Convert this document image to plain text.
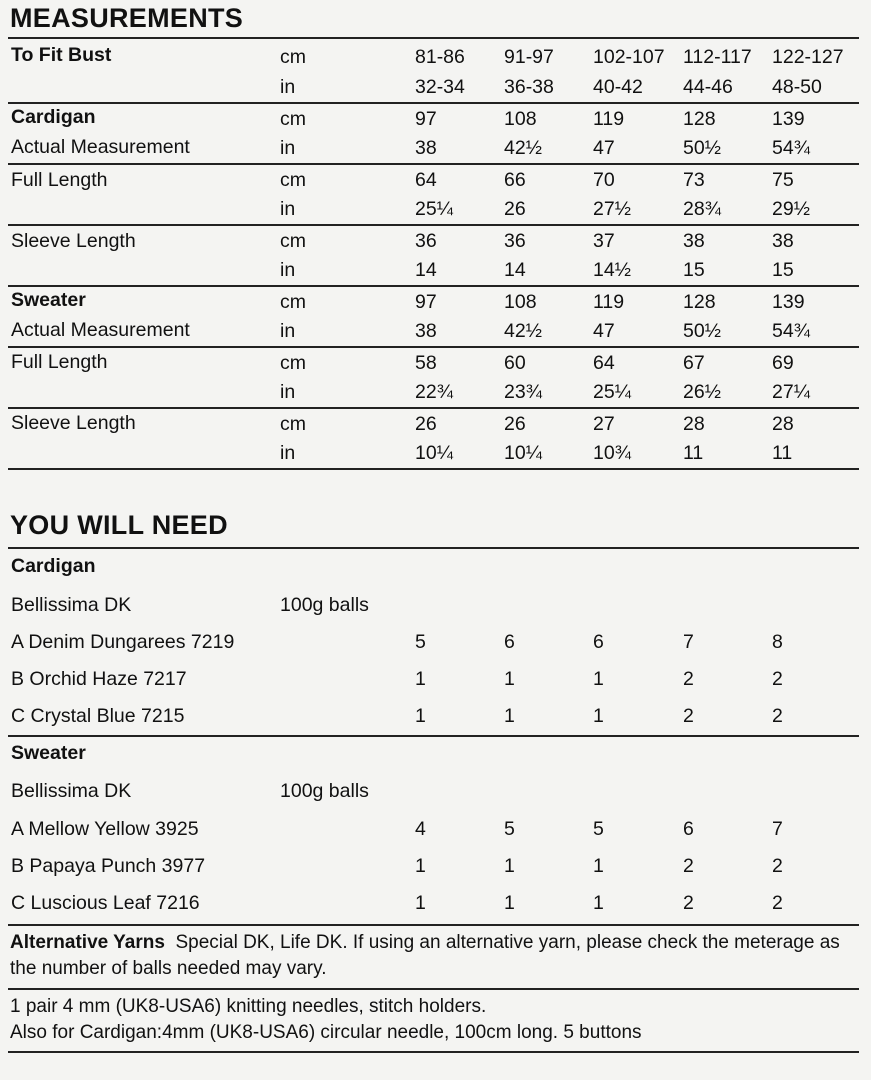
MEASUREMENTS
To Fit Bust	cm	81-86 91-97 102-107 112-117 122-127
in	32-34 36-38 40-42 44-46 48-50
Cardigan
Actual Measurement
cm	97	108	119	128	139
in	38	42½	47	50½	54¾
Full Length	cm	64	66	70	73	75
in	25¼	26	27½	28¾	29½
Sleeve Length	cm	36	36	37	38	38
in	14	14	14½	15	15
Sweater
Actual Measurement
cm	97	108	119	128	139
in	38	42½	47	50½	54¾
Full Length	cm	58	60	64	67	69
in	22¾	23¾	25¼	26½	27¼
Sleeve Length	cm	26	26	27	28	28
in	10¼	10¼	10¾	11	11
YOU WILL NEED
Cardigan
Bellissima DK	100g balls
A Denim Dungarees 7219	5	6	6	7	8
B Orchid Haze 7217	1	1	1	2	2
C Crystal Blue 7215	1	1	1	2	2
Sweater
Bellissima DK	100g balls
A Mellow Yellow 3925	4	5	5	6	7
B Papaya Punch 3977	1	1	1	2	2
C Luscious Leaf 7216	1	1	1	2	2

Alternative Yarns Special DK, Life DK. If using an alternative yarn, please check the meterage as the number of balls needed may vary.

1 pair 4 mm (UK8-USA6) knitting needles, stitch holders.

Also for Cardigan:4mm (UK8-USA6) circular needle, 100cm long. 5 buttons
